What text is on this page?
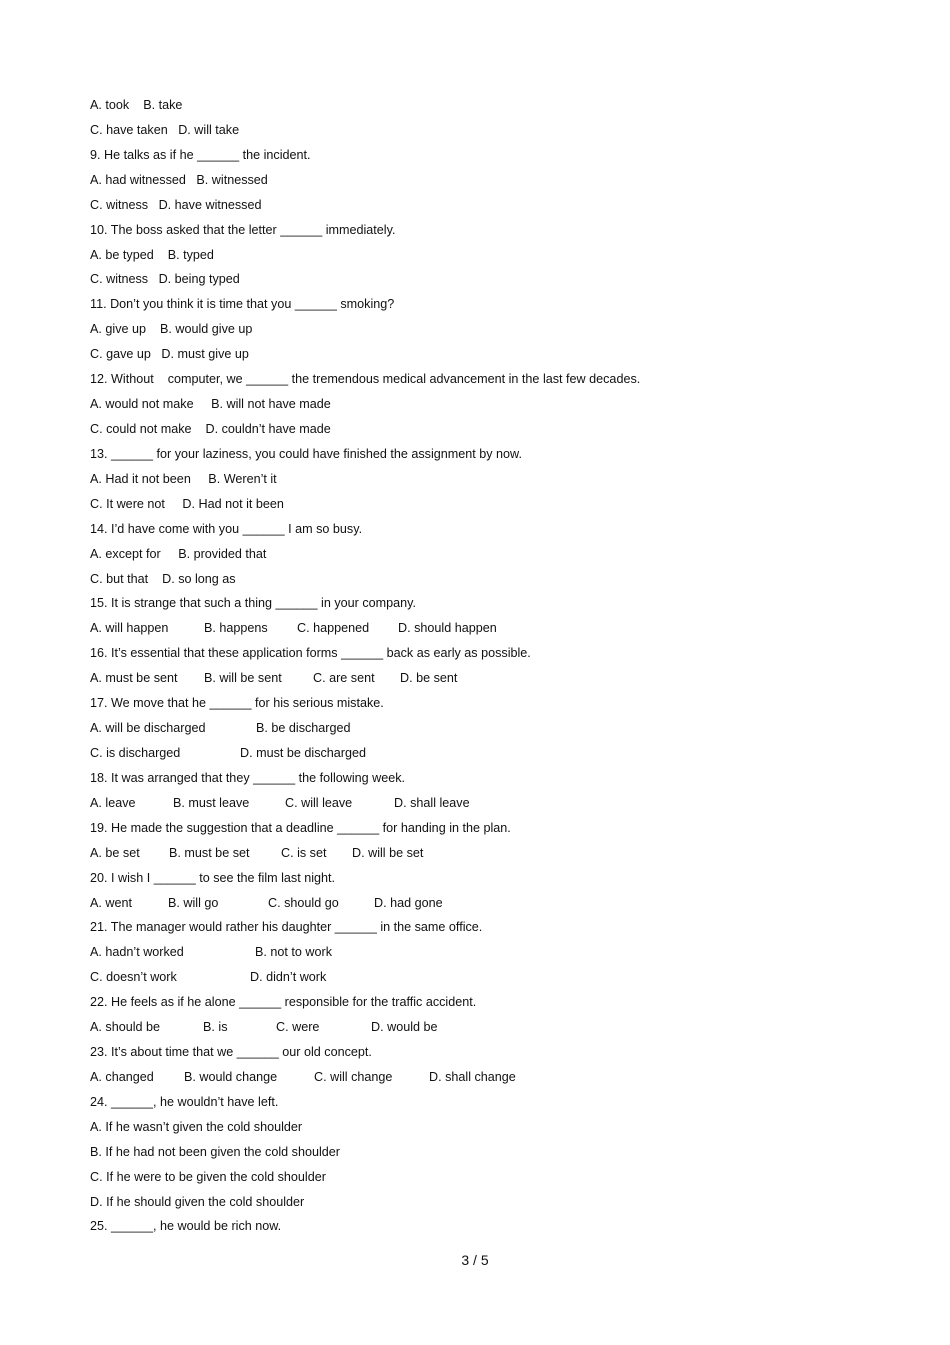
A. took    B. take
C. have taken   D. will take
9. He talks as if he ______ the incident.
A. had witnessed   B. witnessed
C. witness   D. have witnessed
10. The boss asked that the letter ______ immediately.
A. be typed    B. typed
C. witness   D. being typed
11. Don’t you think it is time that you ______ smoking?
A. give up    B. would give up
C. gave up   D. must give up
12. Without    computer, we ______ the tremendous medical advancement in the last few decades.
A. would not make     B. will not have made
C. could not make    D. couldn’t have made
13. ______ for your laziness, you could have finished the assignment by now.
A. Had it not been     B. Weren’t it
C. It were not     D. Had not it been
14. I’d have come with you ______ I am so busy.
A. except for     B. provided that
C. but that    D. so long as
15. It is strange that such a thing ______ in your company.
A. will happen	B. happens C. happened D. should happen
16. It’s essential that these application forms ______ back as early as possible.
A. must be sent B. will be sent C. are sent D. be sent
17. We move that he ______ for his serious mistake.
A. will be discharged	B. be discharged
C. is discharged	D. must be discharged
18. It was arranged that they ______ the following week.
A. leave	B. must leave	C. will leave	D. shall leave
19. He made the suggestion that a deadline ______ for handing in the plan.
A. be set B. must be set	C. is set D. will be set
20. I wish I ______ to see the film last night.
A. went	B. will go	C. should go	D. had gone
21. The manager would rather his daughter ______ in the same office.
A. hadn’t worked	B. not to work
C. doesn’t work	D. didn’t work
22. He feels as if he alone ______ responsible for the traffic accident.
A. should be	B. is	C. were	D. would be
23. It’s about time that we ______ our old concept.
A. changed B. would change	C. will change	D. shall change
24. ______, he wouldn’t have left.
A. If he wasn’t given the cold shoulder
B. If he had not been given the cold shoulder
C. If he were to be given the cold shoulder
D. If he should given the cold shoulder
25. ______, he would be rich now.
3 / 5
